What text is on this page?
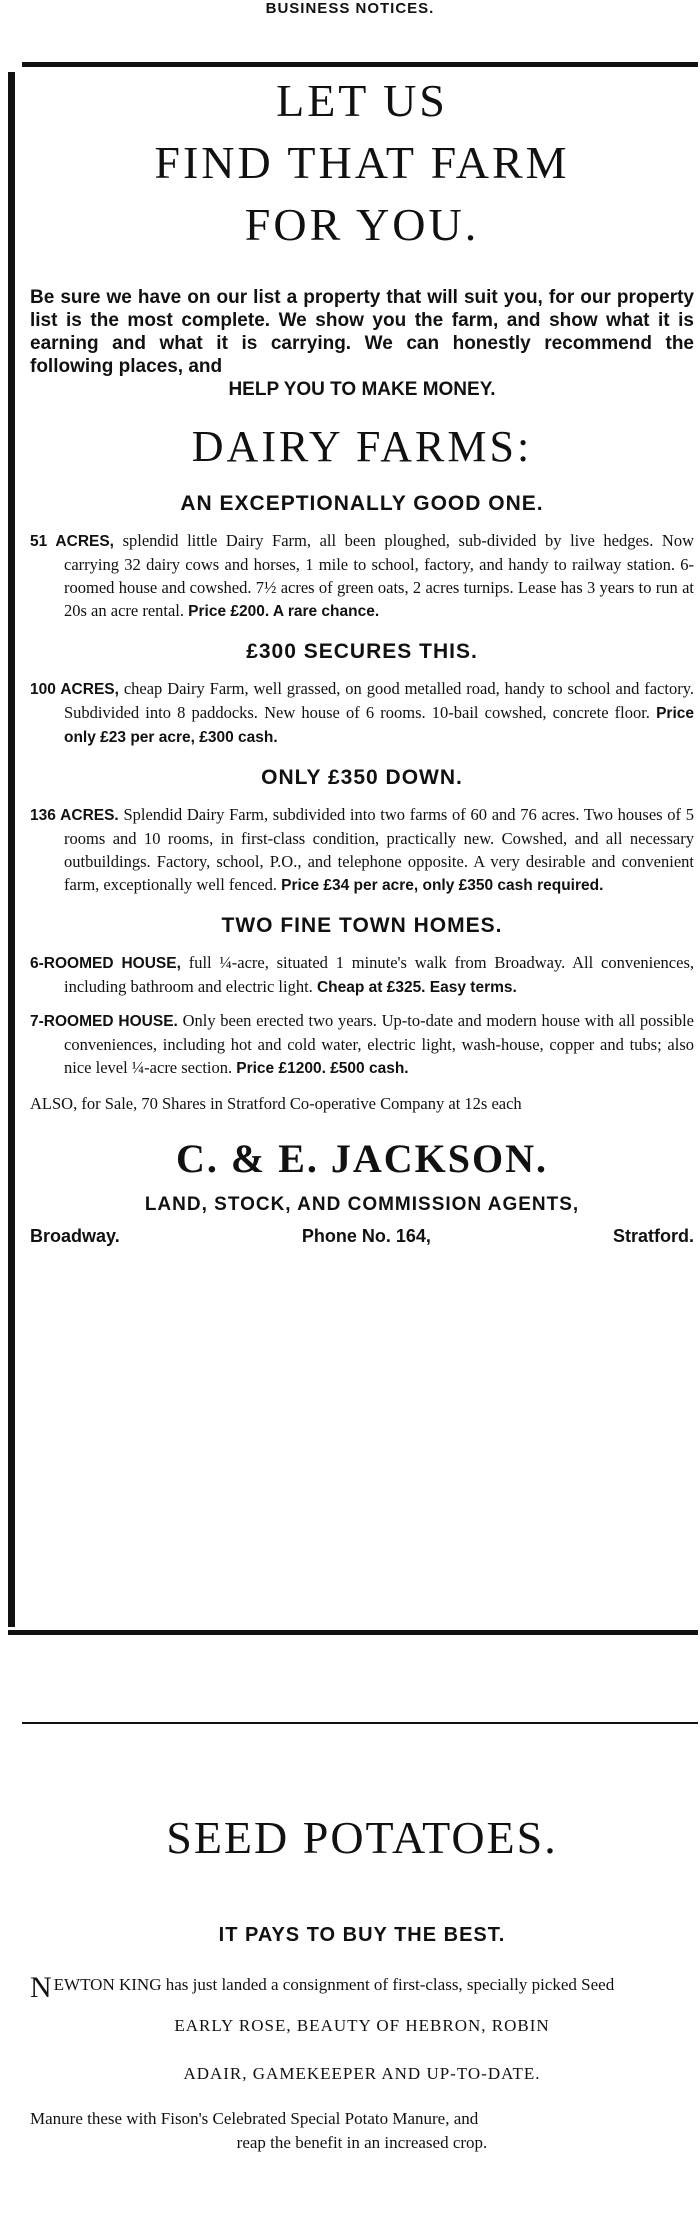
BUSINESS NOTICES.
LET US
FIND THAT FARM
FOR YOU.
Be sure we have on our list a property that will suit you, for our property list is the most complete. We show you the farm, and show what it is earning and what it is carrying. We can honestly recommend the following places, and
HELP YOU TO MAKE MONEY.
DAIRY FARMS:
AN EXCEPTIONALLY GOOD ONE.
51 ACRES, splendid little Dairy Farm, all been ploughed, sub-divided by live hedges. Now carrying 32 dairy cows and horses, 1 mile to school, factory, and handy to railway station. 6-roomed house and cowshed. 7½ acres of green oats, 2 acres turnips. Lease has 3 years to run at 20s an acre rental. Price £200. A rare chance.
£300 SECURES THIS.
100 ACRES, cheap Dairy Farm, well grassed, on good metalled road, handy to school and factory. Subdivided into 8 paddocks. New house of 6 rooms. 10-bail cowshed, concrete floor. Price only £23 per acre, £300 cash.
ONLY £350 DOWN.
136 ACRES. Splendid Dairy Farm, subdivided into two farms of 60 and 76 acres. Two houses of 5 rooms and 10 rooms, in first-class condition, practically new. Cowshed, and all necessary outbuildings. Factory, school, P.O., and telephone opposite. A very desirable and convenient farm, exceptionally well fenced. Price £34 per acre, only £350 cash required.
TWO FINE TOWN HOMES.
6-ROOMED HOUSE, full ¼-acre, situated 1 minute's walk from Broadway. All conveniences, including bathroom and electric light. Cheap at £325. Easy terms.
7-ROOMED HOUSE. Only been erected two years. Up-to-date and modern house with all possible conveniences, including hot and cold water, electric light, wash-house, copper and tubs; also nice level ¼-acre section. Price £1200. £500 cash.
ALSO, for Sale, 70 Shares in Stratford Co-operative Company at 12s each
C. & E. JACKSON.
LAND, STOCK, AND COMMISSION AGENTS,
Broadway.	Phone No. 164,	Stratford.
SEED POTATOES.
IT PAYS TO BUY THE BEST.
NEWTON KING has just landed a consignment of first-class, specially picked Seed
EARLY ROSE, BEAUTY OF HEBRON, ROBIN
ADAIR, GAMEKEEPER AND UP-TO-DATE.
Manure these with Fison's Celebrated Special Potato Manure, and
reap the benefit in an increased crop.
